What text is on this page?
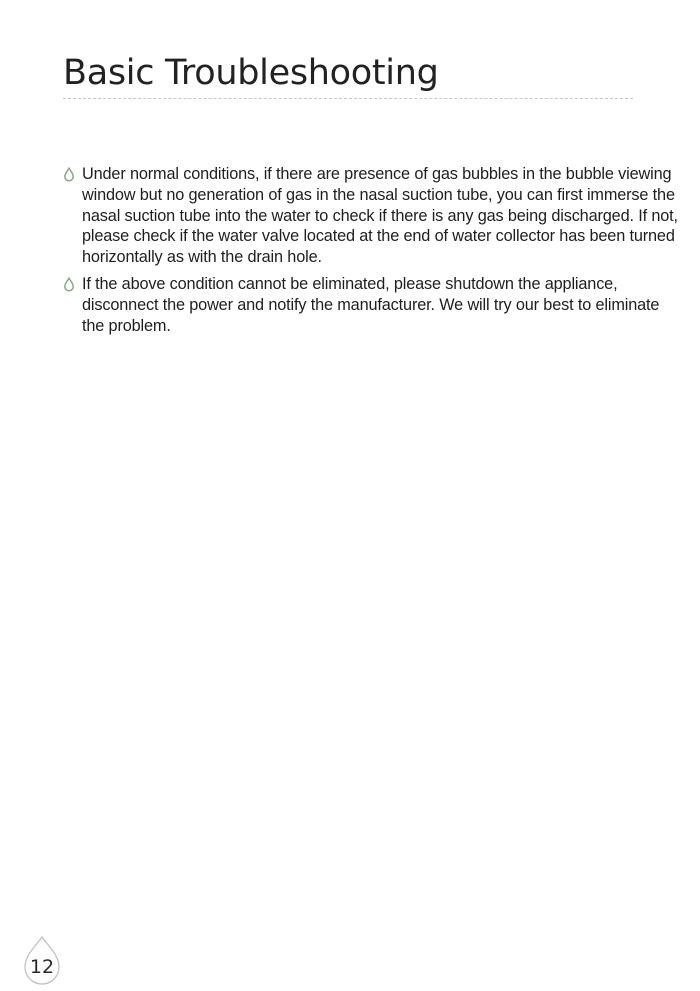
Basic Troubleshooting
Under normal conditions, if there are presence of gas bubbles in the bubble viewing window but no generation of gas in the nasal suction tube, you can first immerse the nasal suction tube into the water to check if there is any gas being discharged. If not, please check if the water valve located at the end of water collector has been turned horizontally as with the drain hole.
If the above condition cannot be eliminated, please shutdown the appliance, disconnect the power and notify the manufacturer. We will try our best to eliminate the problem.
12
